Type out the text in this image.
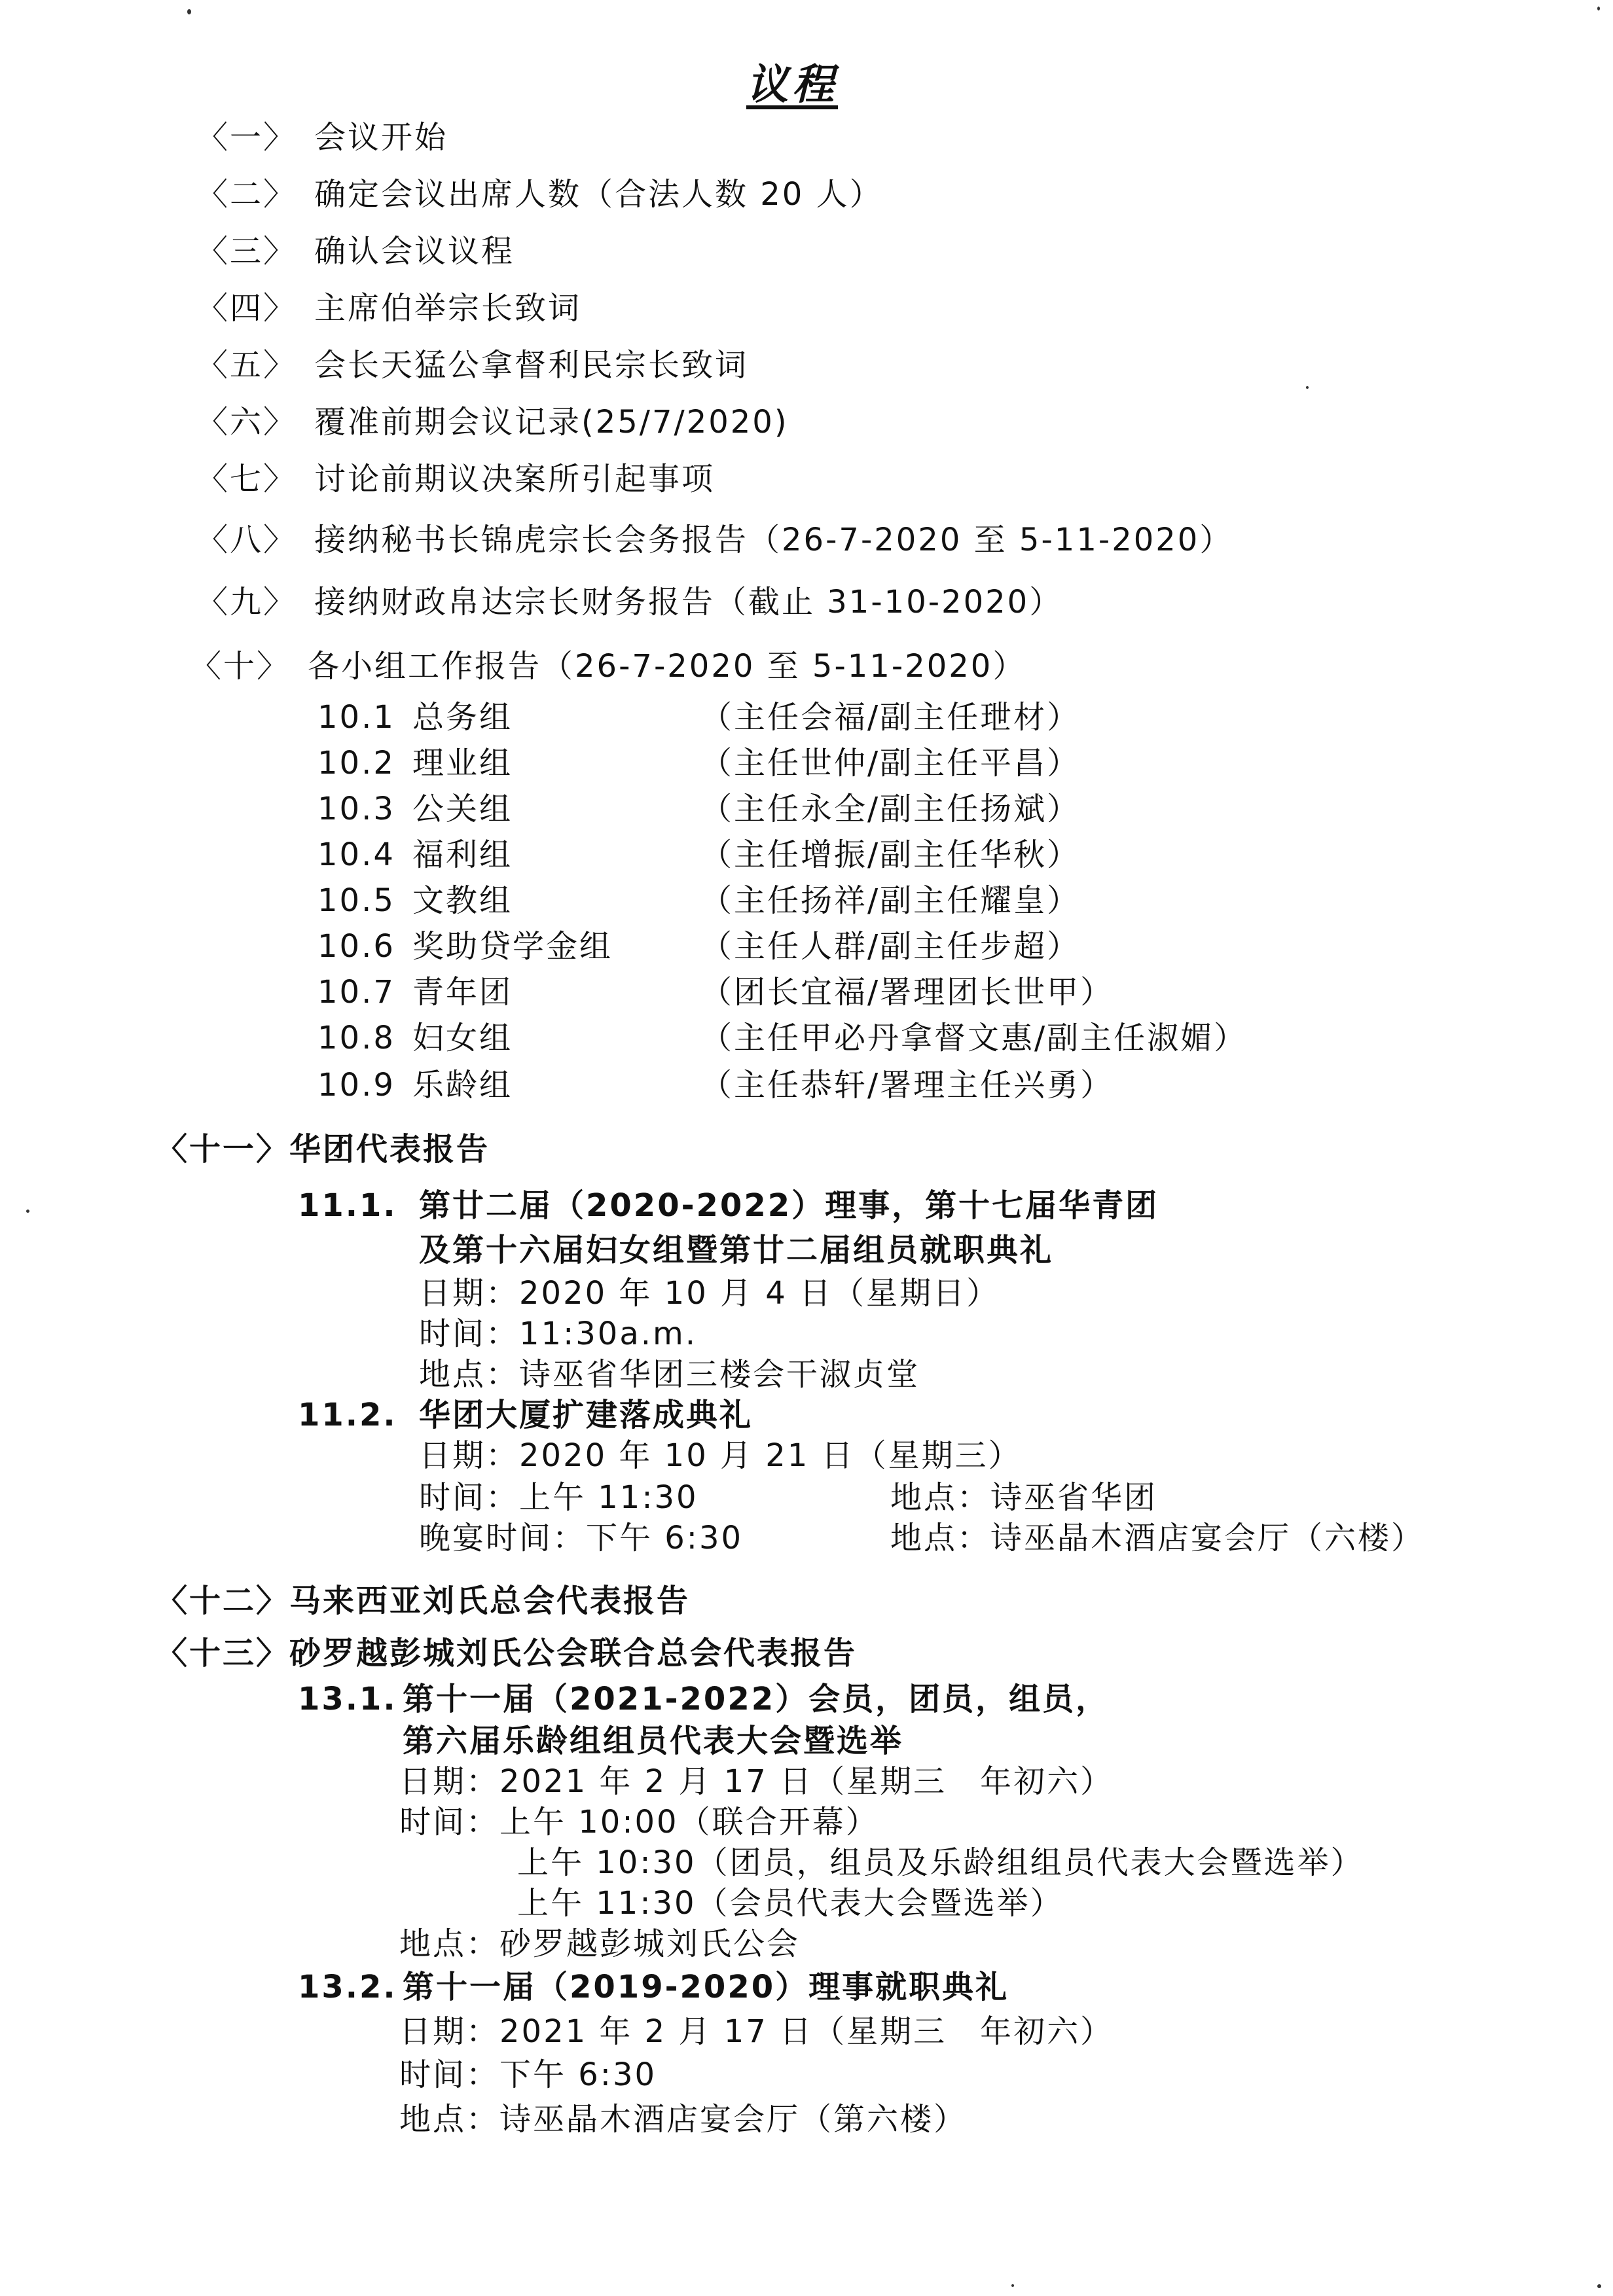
议程
〈一〉 会议开始
〈二〉 确定会议出席人数（合法人数 20 人）
〈三〉 确认会议议程
〈四〉 主席伯举宗长致词
〈五〉 会长天猛公拿督利民宗长致词
〈六〉 覆准前期会议记录(25/7/2020)
〈七〉 讨论前期议决案所引起事项
〈八〉 接纳秘书长锦虎宗长会务报告（26-7-2020 至 5-11-2020）
〈九〉 接纳财政帛达宗长财务报告（截止 31-10-2020）
〈十〉 各小组工作报告（26-7-2020 至 5-11-2020）
10.1 总务组	（主任会福/副主任玴材）
10.2 理业组	（主任世仲/副主任平昌）
10.3 公关组	（主任永全/副主任扬斌）
10.4 福利组	（主任增振/副主任华秋）
10.5 文教组	（主任扬祥/副主任耀皇）
10.6 奖助贷学金组	（主任人群/副主任步超）
10.7 青年团	（团长宜福/署理团长世甲）
10.8 妇女组	（主任甲必丹拿督文惠/副主任淑媚）
10.9 乐龄组	（主任恭轩/署理主任兴勇）
〈十一〉华团代表报告
11.1. 第廿二届（2020-2022）理事，第十七届华青团
及第十六届妇女组暨第廿二届组员就职典礼
日期：2020 年 10 月 4 日（星期日）
时间：11:30a.m.
地点：诗巫省华团三楼会干淑贞堂
11.2. 华团大厦扩建落成典礼
日期：2020 年 10 月 21 日（星期三）
时间：上午 11:30	地点：诗巫省华团
晚宴时间：下午 6:30	地点：诗巫晶木酒店宴会厅（六楼）
〈十二〉马来西亚刘氏总会代表报告
〈十三〉砂罗越彭城刘氏公会联合总会代表报告
13.1. 第十一届（2021-2022）会员，团员，组员，
第六届乐龄组组员代表大会暨选举
日期：2021 年 2 月 17 日（星期三　年初六）
时间：上午 10:00（联合开幕）
上午 10:30（团员，组员及乐龄组组员代表大会暨选举）
上午 11:30（会员代表大会暨选举）
地点：砂罗越彭城刘氏公会
13.2. 第十一届（2019-2020）理事就职典礼
日期：2021 年 2 月 17 日（星期三　年初六）
时间：下午 6:30
地点：诗巫晶木酒店宴会厅（第六楼）
